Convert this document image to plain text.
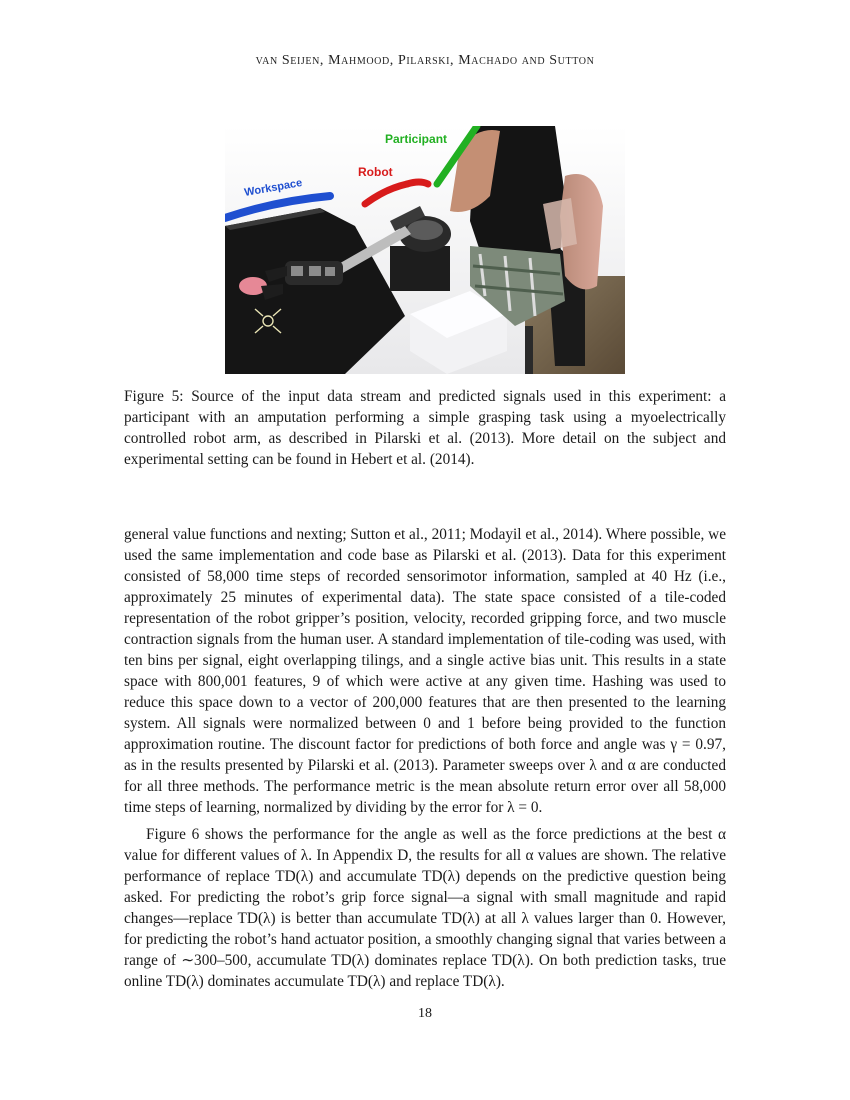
van Seijen, Mahmood, Pilarski, Machado and Sutton
Participant
Robot
Workspace
Figure 5: Source of the input data stream and predicted signals used in this experiment: a participant with an amputation performing a simple grasping task using a myoelectrically controlled robot arm, as described in Pilarski et al. (2013). More detail on the subject and experimental setting can be found in Hebert et al. (2014).

general value functions and nexting; Sutton et al., 2011; Modayil et al., 2014). Where possible, we used the same implementation and code base as Pilarski et al. (2013). Data for this experiment consisted of 58,000 time steps of recorded sensorimotor information, sampled at 40 Hz (i.e., approximately 25 minutes of experimental data). The state space consisted of a tile-coded representation of the robot gripper’s position, velocity, recorded gripping force, and two muscle contraction signals from the human user. A standard implementation of tile-coding was used, with ten bins per signal, eight overlapping tilings, and a single active bias unit. This results in a state space with 800,001 features, 9 of which were active at any given time. Hashing was used to reduce this space down to a vector of 200,000 features that are then presented to the learning system. All signals were normalized between 0 and 1 before being provided to the function approximation routine. The discount factor for predictions of both force and angle was γ = 0.97, as in the results presented by Pilarski et al. (2013). Parameter sweeps over λ and α are conducted for all three methods. The performance metric is the mean absolute return error over all 58,000 time steps of learning, normalized by dividing by the error for λ = 0.

Figure 6 shows the performance for the angle as well as the force predictions at the best α value for different values of λ. In Appendix D, the results for all α values are shown. The relative performance of replace TD(λ) and accumulate TD(λ) depends on the predictive question being asked. For predicting the robot’s grip force signal—a signal with small magnitude and rapid changes—replace TD(λ) is better than accumulate TD(λ) at all λ values larger than 0. However, for predicting the robot’s hand actuator position, a smoothly changing signal that varies between a range of ∼300–500, accumulate TD(λ) dominates replace TD(λ). On both prediction tasks, true online TD(λ) dominates accumulate TD(λ) and replace TD(λ).

18
